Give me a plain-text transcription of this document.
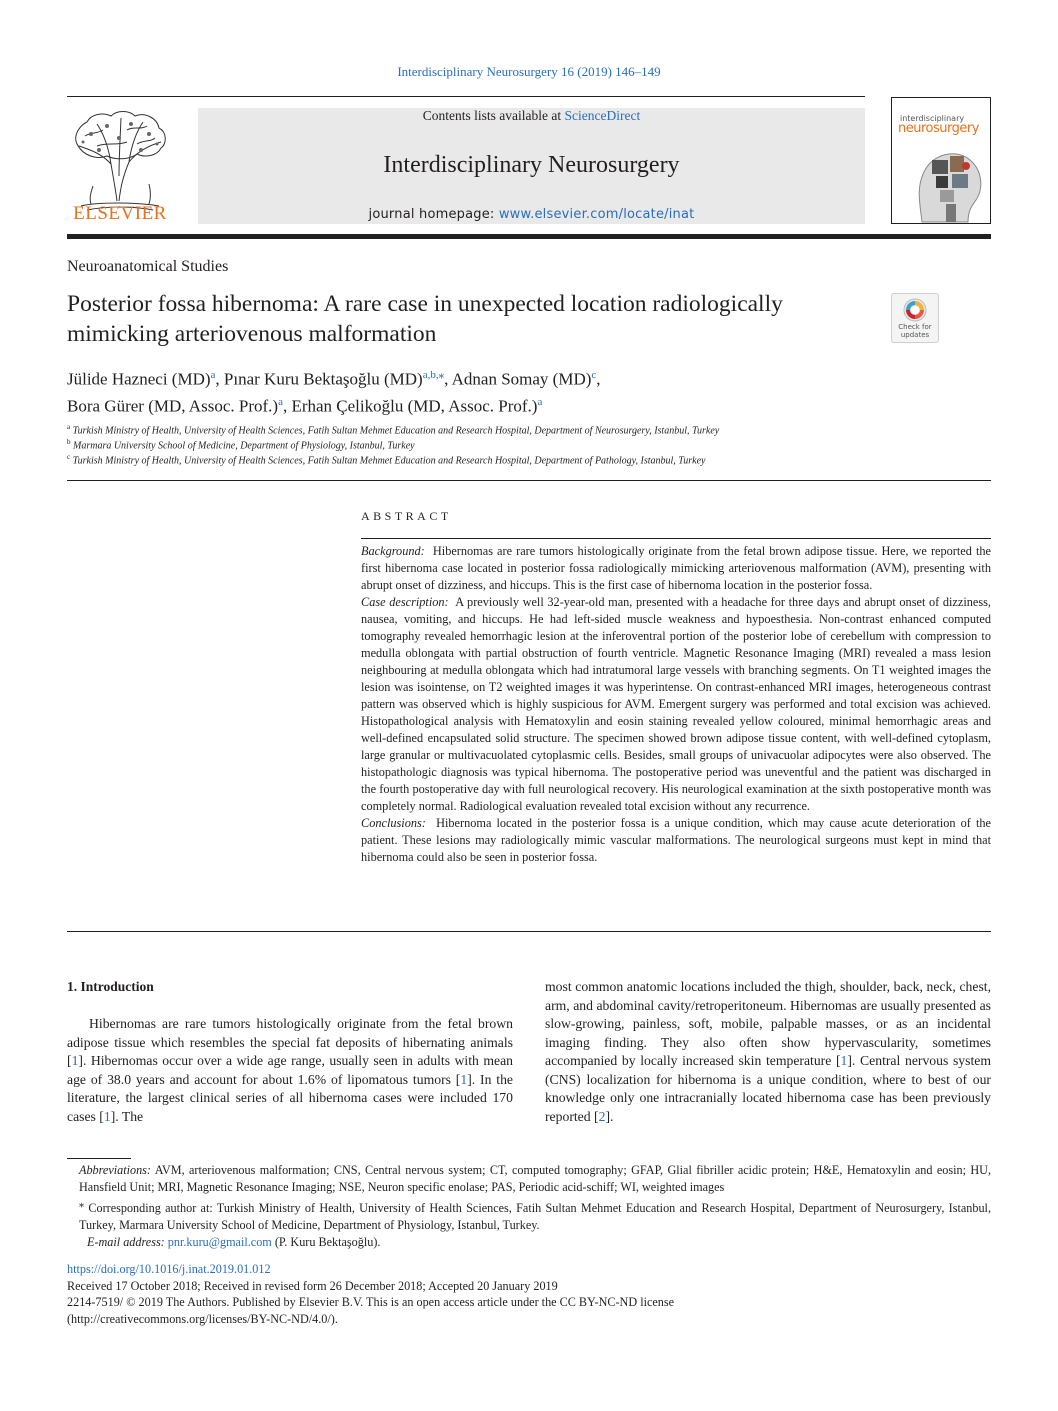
Interdisciplinary Neurosurgery 16 (2019) 146–149
ELSEVIER
Contents lists available at ScienceDirect
Interdisciplinary Neurosurgery
journal homepage: www.elsevier.com/locate/inat
interdisciplinary
neurosurgery
Neuroanatomical Studies
Posterior fossa hibernoma: A rare case in unexpected location radiologically mimicking arteriovenous malformation	Check for updates
Jülide Hazneci (MD)$^a$, Pınar Kuru Bektaşoğlu (MD)$^{a,b,⁎}$, Adnan Somay (MD)$^c$,
Bora Gürer (MD, Assoc. Prof.)$^a$, Erhan Çelikoğlu (MD, Assoc. Prof.)$^a$
$^a$ Turkish Ministry of Health, University of Health Sciences, Fatih Sultan Mehmet Education and Research Hospital, Department of Neurosurgery, Istanbul, Turkey
$^b$ Marmara University School of Medicine, Department of Physiology, Istanbul, Turkey
$^c$ Turkish Ministry of Health, University of Health Sciences, Fatih Sultan Mehmet Education and Research Hospital, Department of Pathology, Istanbul, Turkey
ABSTRACT

Background: Hibernomas are rare tumors histologically originate from the fetal brown adipose tissue. Here, we reported the first hibernoma case located in posterior fossa radiologically mimicking arteriovenous malformation (AVM), presenting with abrupt onset of dizziness, and hiccups. This is the first case of hibernoma location in the posterior fossa.

Case description: A previously well 32-year-old man, presented with a headache for three days and abrupt onset of dizziness, nausea, vomiting, and hiccups. He had left-sided muscle weakness and hypoesthesia. Non-contrast enhanced computed tomography revealed hemorrhagic lesion at the inferoventral portion of the posterior lobe of cerebellum with compression to medulla oblongata with partial obstruction of fourth ventricle. Magnetic Resonance Imaging (MRI) revealed a mass lesion neighbouring at medulla oblongata which had intratumoral large vessels with branching segments. On T1 weighted images the lesion was isointense, on T2 weighted images it was hyperintense. On contrast-enhanced MRI images, heterogeneous contrast pattern was observed which is highly suspicious for AVM. Emergent surgery was performed and total excision was achieved. Histopathological analysis with Hematoxylin and eosin staining revealed yellow coloured, minimal hemorrhagic areas and well-defined encapsulated solid structure. The specimen showed brown adipose tissue content, with well-defined cytoplasm, large granular or multivacuolated cytoplasmic cells. Besides, small groups of univacuolar adipocytes were also observed. The histopathologic diagnosis was typical hibernoma. The postoperative period was uneventful and the patient was discharged in the fourth postoperative day with full neurological recovery. His neurological examination at the sixth postoperative month was completely normal. Radiological evaluation revealed total excision without any recurrence.

Conclusions: Hibernoma located in the posterior fossa is a unique condition, which may cause acute deterioration of the patient. These lesions may radiologically mimic vascular malformations. The neurological surgeons must kept in mind that hibernoma could also be seen in posterior fossa.

1. Introduction

Hibernomas are rare tumors histologically originate from the fetal brown adipose tissue which resembles the special fat deposits of hibernating animals [1]. Hibernomas occur over a wide age range, usually seen in adults with mean age of 38.0 years and account for about 1.6% of lipomatous tumors [1]. In the literature, the largest clinical series of all hibernoma cases were included 170 cases [1]. The

most common anatomic locations included the thigh, shoulder, back, neck, chest, arm, and abdominal cavity/retroperitoneum. Hibernomas are usually presented as slow-growing, painless, soft, mobile, palpable masses, or as an incidental imaging finding. They also often show hypervascularity, sometimes accompanied by locally increased skin temperature [1]. Central nervous system (CNS) localization for hibernoma is a unique condition, where to best of our knowledge only one intracranially located hibernoma case has been previously reported [2].

Abbreviations: AVM, arteriovenous malformation; CNS, Central nervous system; CT, computed tomography; GFAP, Glial fibriller acidic protein; H&E, Hematoxylin and eosin; HU, Hansfield Unit; MRI, Magnetic Resonance Imaging; NSE, Neuron specific enolase; PAS, Periodic acid-schiff; WI, weighted images

⁎ Corresponding author at: Turkish Ministry of Health, University of Health Sciences, Fatih Sultan Mehmet Education and Research Hospital, Department of Neurosurgery, Istanbul, Turkey, Marmara University School of Medicine, Department of Physiology, Istanbul, Turkey.

E-mail address: pnr.kuru@gmail.com (P. Kuru Bektaşoğlu).

https://doi.org/10.1016/j.inat.2019.01.012

Received 17 October 2018; Received in revised form 26 December 2018; Accepted 20 January 2019

2214-7519/ © 2019 The Authors. Published by Elsevier B.V. This is an open access article under the CC BY-NC-ND license

(http://creativecommons.org/licenses/BY-NC-ND/4.0/).
